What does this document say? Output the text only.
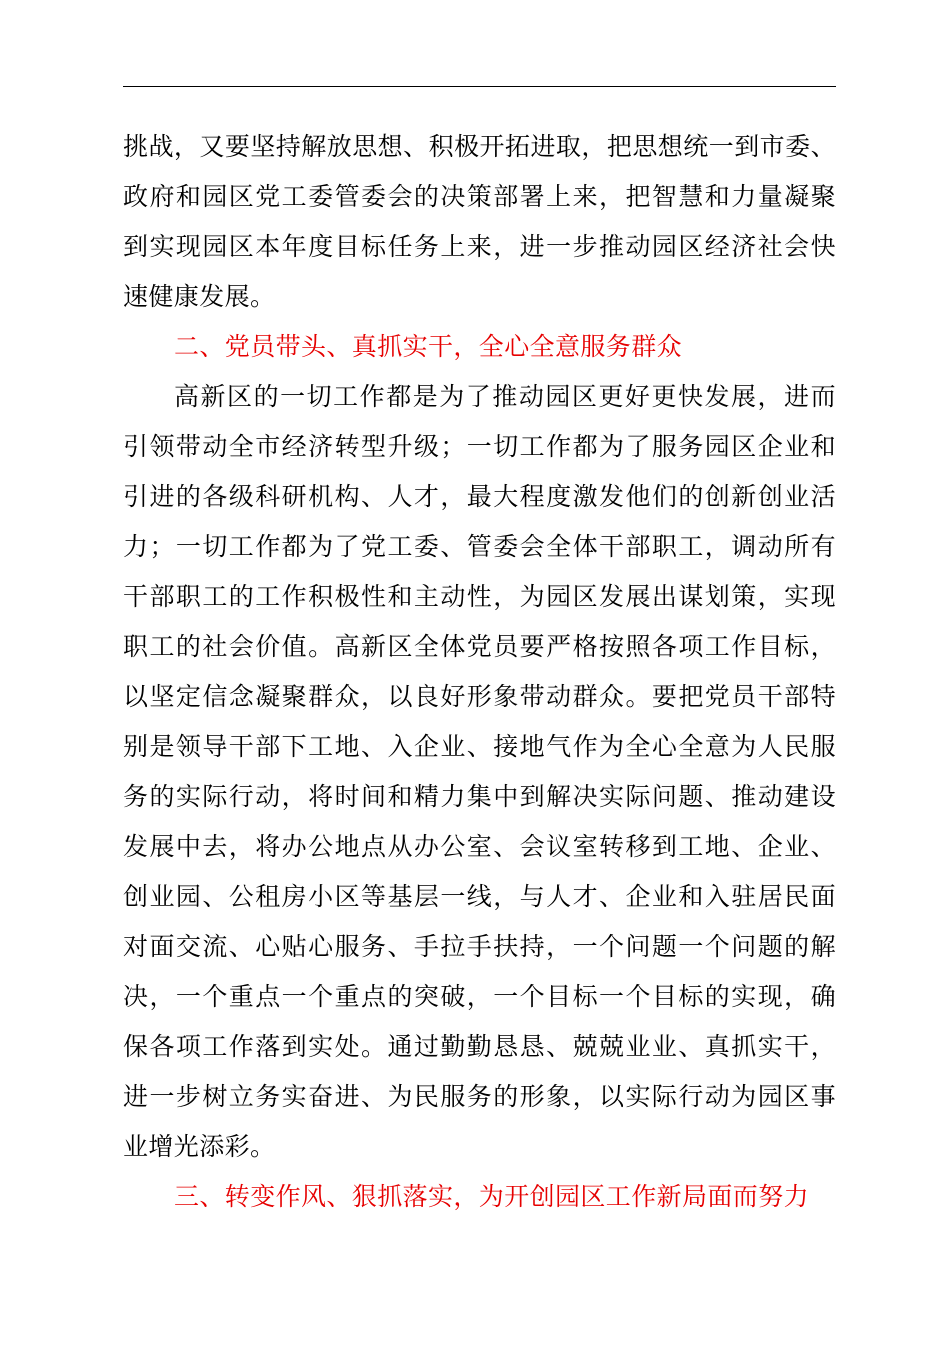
挑战，又要坚持解放思想、积极开拓进取，把思想统一到市委、
政府和园区党工委管委会的决策部署上来，把智慧和力量凝聚
到实现园区本年度目标任务上来，进一步推动园区经济社会快
速健康发展。
二、党员带头、真抓实干，全心全意服务群众
高新区的一切工作都是为了推动园区更好更快发展，进而
引领带动全市经济转型升级；一切工作都为了服务园区企业和
引进的各级科研机构、人才，最大程度激发他们的创新创业活
力；一切工作都为了党工委、管委会全体干部职工，调动所有
干部职工的工作积极性和主动性，为园区发展出谋划策，实现
职工的社会价值。高新区全体党员要严格按照各项工作目标，
以坚定信念凝聚群众，以良好形象带动群众。要把党员干部特
别是领导干部下工地、入企业、接地气作为全心全意为人民服
务的实际行动，将时间和精力集中到解决实际问题、推动建设
发展中去，将办公地点从办公室、会议室转移到工地、企业、
创业园、公租房小区等基层一线，与人才、企业和入驻居民面
对面交流、心贴心服务、手拉手扶持，一个问题一个问题的解
决，一个重点一个重点的突破，一个目标一个目标的实现，确
保各项工作落到实处。通过勤勤恳恳、兢兢业业、真抓实干，
进一步树立务实奋进、为民服务的形象，以实际行动为园区事
业增光添彩。
三、转变作风、狠抓落实，为开创园区工作新局面而努力
